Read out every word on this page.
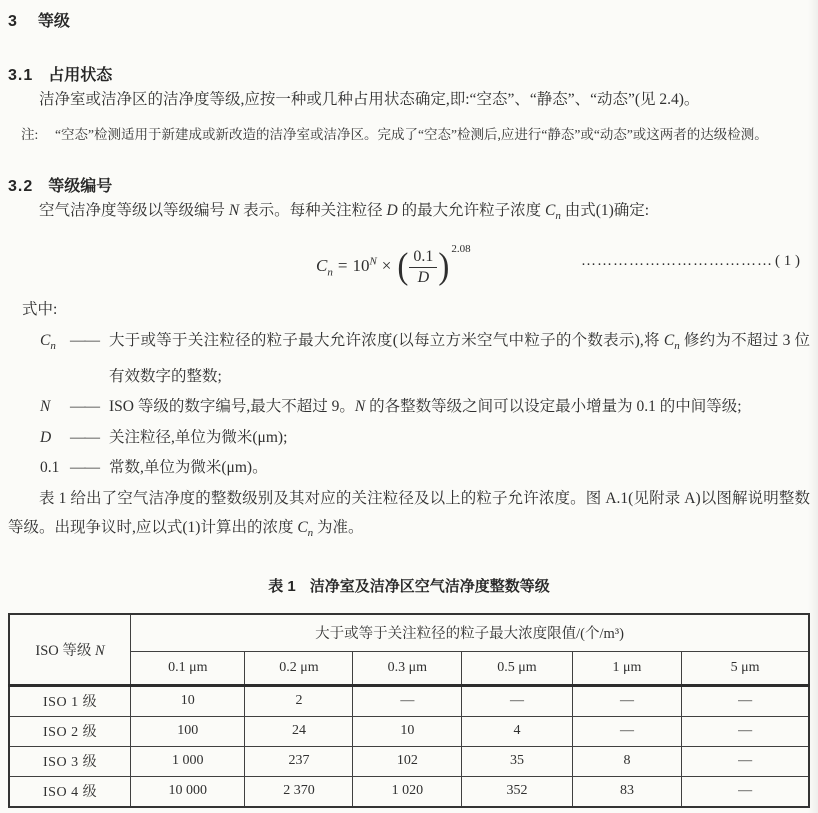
3 等级
3.1 占用状态

洁净室或洁净区的洁净度等级,应按一种或几种占用状态确定,即:“空态”、“静态”、“动态”(见 2.4)。

注: “空态”检测适用于新建成或新改造的洁净室或洁净区。完成了“空态”检测后,应进行“静态”或“动态”或这两者的达级检测。
3.2 等级编号

空气洁净度等级以等级编号 N 表示。每种关注粒径 D 的最大允许粒子浓度 $C_n$ 由式(1)确定:

$C_n = 10^N$ × ( $\frac{0.1}{D}$ ) $^{2.08}$
……………………………… ( 1 )
式中:
$C_n$ —— 大于或等于关注粒径的粒子最大允许浓度(以每立方米空气中粒子的个数表示),将 $C_n$ 修约为不超过 3 位有效数字的整数;
N —— ISO 等级的数字编号,最大不超过 9。N 的各整数等级之间可以设定最小增量为 0.1 的中间等级;
D —— 关注粒径,单位为微米(μm);
0.1 —— 常数,单位为微米(μm)。

表 1 给出了空气洁净度的整数级别及其对应的关注粒径及以上的粒子允许浓度。图 A.1(见附录 A)以图解说明整数等级。出现争议时,应以式(1)计算出的浓度 $C_n$ 为准。

表 1 洁净室及洁净区空气洁净度整数等级
ISO 等级 N	大于或等于关注粒径的粒子最大浓度限值/(个/m³)					
	0.1 μm	0.2 μm	0.3 μm	0.5 μm	1 μm	5 μm
ISO 1 级	10	2	—	—	—	—
ISO 2 级	100	24	10	4	—	—
ISO 3 级	1 000	237	102	35	8	—
ISO 4 级	10 000	2 370	1 020	352	83	—
